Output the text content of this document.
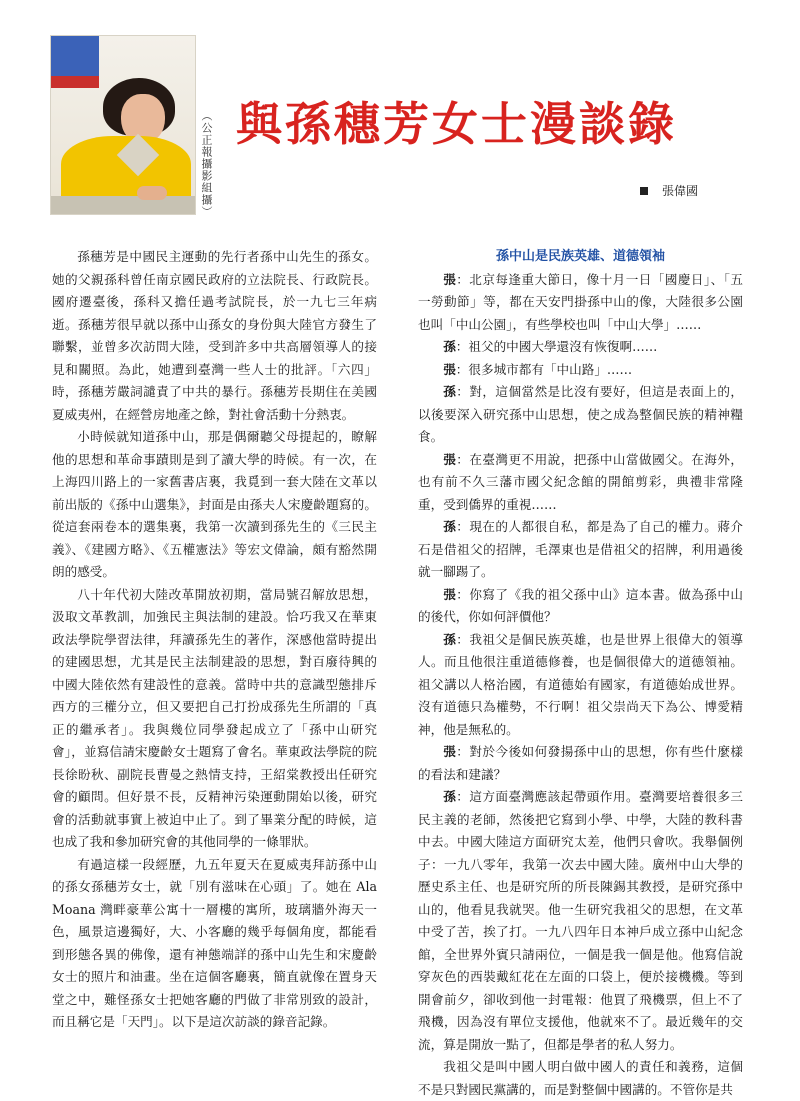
（公正報攝影組攝） 與孫穗芳女士漫談錄
張偉國

孫穗芳是中國民主運動的先行者孫中山先生的孫女。她的父親孫科曾任南京國民政府的立法院長、行政院長。國府遷臺後，孫科又擔任過考試院長，於一九七三年病逝。孫穗芳很早就以孫中山孫女的身份與大陸官方發生了聯繫，並曾多次訪問大陸，受到許多中共高層領導人的接見和關照。為此，她遭到臺灣一些人士的批評。「六四」時，孫穗芳嚴詞譴責了中共的暴行。孫穗芳長期住在美國夏威夷州，在經營房地產之餘，對社會活動十分熱衷。

小時候就知道孫中山，那是偶爾聽父母提起的，瞭解他的思想和革命事蹟則是到了讀大學的時候。有一次，在上海四川路上的一家舊書店裏，我覓到一套大陸在文革以前出版的《孫中山選集》，封面是由孫夫人宋慶齡題寫的。從這套兩卷本的選集裏，我第一次讀到孫先生的《三民主義》、《建國方略》、《五權憲法》等宏文偉論，頗有豁然開朗的感受。

八十年代初大陸改革開放初期，當局號召解放思想，汲取文革教訓，加強民主與法制的建設。恰巧我又在華東政法學院學習法律，拜讀孫先生的著作，深感他當時提出的建國思想，尤其是民主法制建設的思想，對百廢待興的中國大陸依然有建設性的意義。當時中共的意識型態排斥西方的三權分立，但又要把自己打扮成孫先生所謂的「真正的繼承者」。我與幾位同學發起成立了「孫中山研究會」，並寫信請宋慶齡女士題寫了會名。華東政法學院的院長徐盼秋、副院長曹曼之熱情支持，王紹棠教授出任研究會的顧問。但好景不長，反精神污染運動開始以後，研究會的活動就事實上被迫中止了。到了畢業分配的時候，這也成了我和參加研究會的其他同學的一條罪狀。

有過這樣一段經歷，九五年夏天在夏威夷拜訪孫中山的孫女孫穗芳女士，就「別有滋味在心頭」了。她在 Ala Moana 灣畔豪華公寓十一層樓的寓所，玻璃牆外海天一色，風景這邊獨好，大、小客廳的幾乎每個角度，都能看到形態各異的佛像，還有神態端詳的孫中山先生和宋慶齡女士的照片和油畫。坐在這個客廳裏，簡直就像在置身天堂之中，難怪孫女士把她客廳的門做了非常別致的設計，而且稱它是「天門」。以下是這次訪談的錄音記錄。

孫中山是民族英雄、道德領袖

張：北京每逢重大節日，像十月一日「國慶日」、「五一勞動節」等，都在天安門掛孫中山的像，大陸很多公園也叫「中山公園」，有些學校也叫「中山大學」……

孫：祖父的中國大學還沒有恢復啊……

張：很多城市都有「中山路」……

孫：對，這個當然是比沒有要好，但這是表面上的，以後要深入研究孫中山思想，使之成為整個民族的精神糧食。

張：在臺灣更不用說，把孫中山當做國父。在海外，也有前不久三藩市國父紀念館的開館剪彩，典禮非常隆重，受到僑界的重視……

孫：現在的人都很自私，都是為了自己的權力。蔣介石是借祖父的招牌，毛澤東也是借祖父的招牌，利用過後就一腳踢了。

張：你寫了《我的祖父孫中山》這本書。做為孫中山的後代，你如何評價他？

孫：我祖父是個民族英雄，也是世界上很偉大的領導人。而且他很注重道德修養，也是個很偉大的道德領袖。祖父講以人格治國，有道德始有國家，有道德始成世界。沒有道德只為權勢，不行啊！祖父崇尚天下為公、博愛精神，他是無私的。

張：對於今後如何發揚孫中山的思想，你有些什麼樣的看法和建議？

孫：這方面臺灣應該起帶頭作用。臺灣要培養很多三民主義的老師，然後把它寫到小學、中學，大陸的教科書中去。中國大陸這方面研究太差，他們只會吹。我舉個例子：一九八零年，我第一次去中國大陸。廣州中山大學的歷史系主任、也是研究所的所長陳錫其教授，是研究孫中山的，他看見我就哭。他一生研究我祖父的思想，在文革中受了苦，挨了打。一九八四年日本神戶成立孫中山紀念館，全世界外賓只請兩位，一個是我一個是他。他寫信說穿灰色的西裝戴紅花在左面的口袋上，便於接機機。等到開會前夕，卻收到他一封電報：他買了飛機票，但上不了飛機，因為沒有單位支援他，他就來不了。最近幾年的交流，算是開放一點了，但都是學者的私人努力。

我祖父是叫中國人明白做中國人的責任和義務，這個不是只對國民黨講的，而是對整個中國講的。不管你是共
